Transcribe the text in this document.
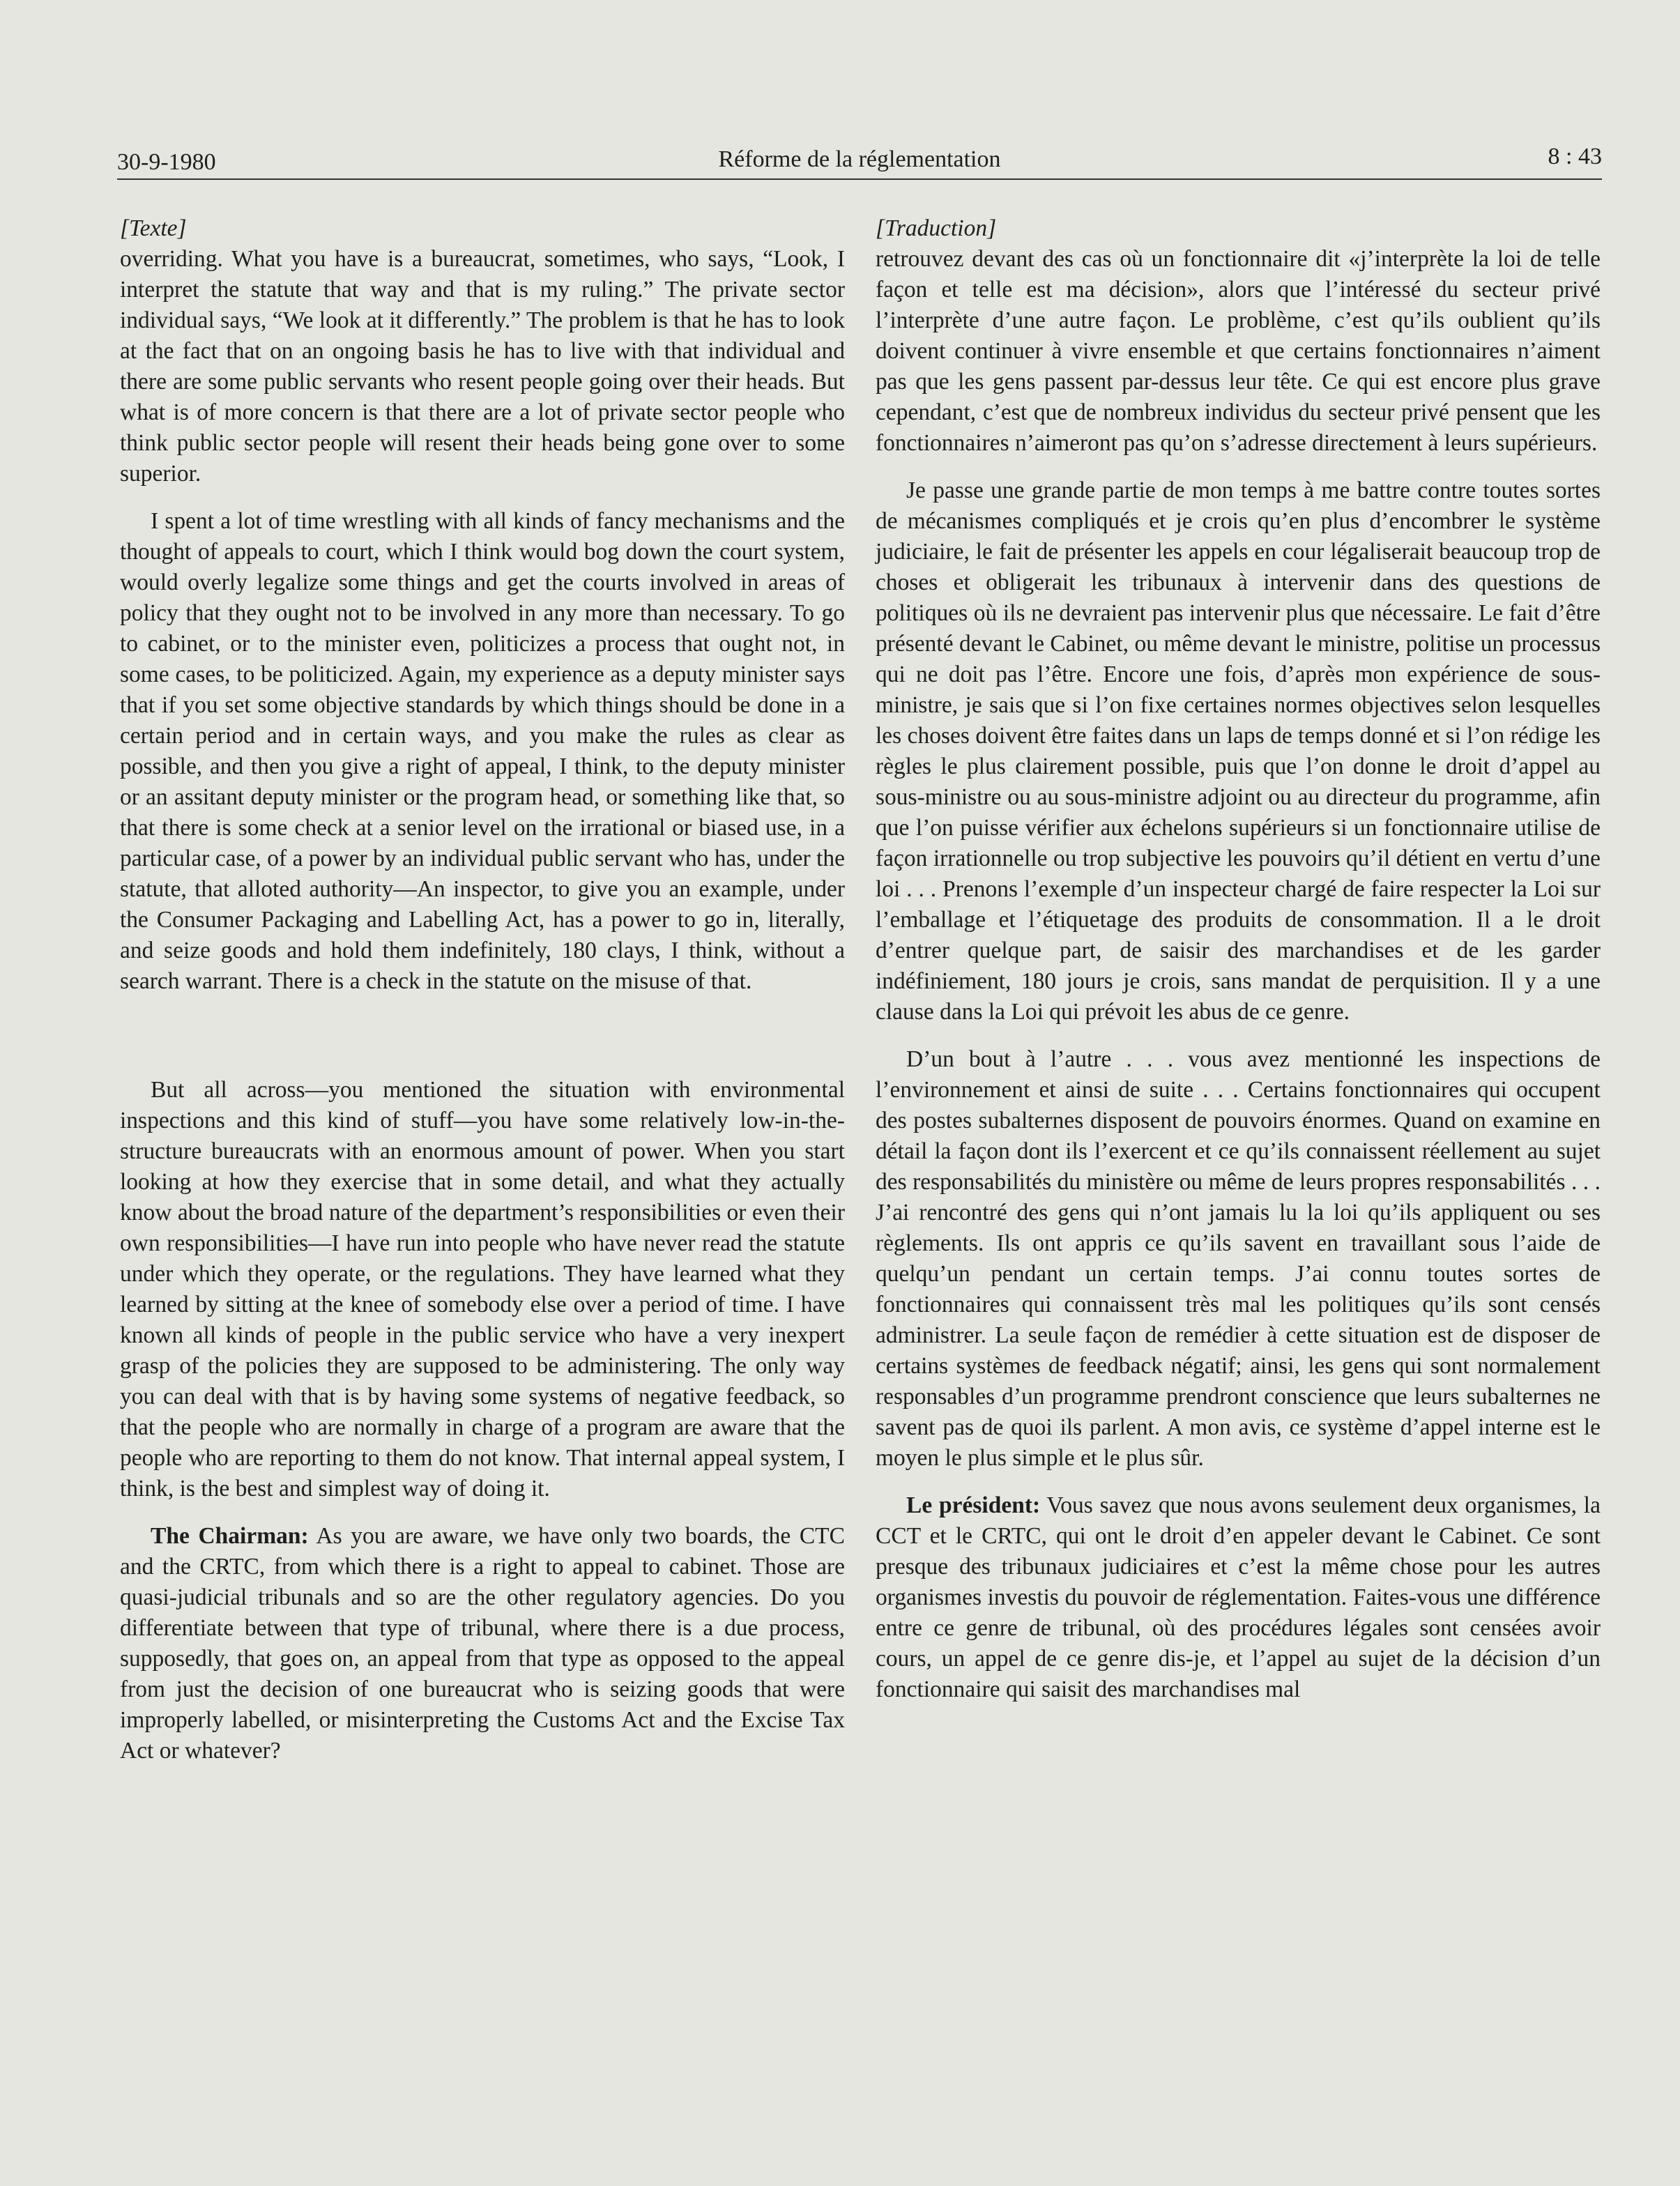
30-9-1980	Réforme de la réglementation	8 : 43

[Texte]

overriding. What you have is a bureaucrat, sometimes, who says, “Look, I interpret the statute that way and that is my ruling.” The private sector individual says, “We look at it differently.” The problem is that he has to look at the fact that on an ongoing basis he has to live with that individual and there are some public servants who resent people going over their heads. But what is of more concern is that there are a lot of private sector people who think public sector people will resent their heads being gone over to some superior.

I spent a lot of time wrestling with all kinds of fancy mechanisms and the thought of appeals to court, which I think would bog down the court system, would overly legalize some things and get the courts involved in areas of policy that they ought not to be involved in any more than necessary. To go to cabinet, or to the minister even, politicizes a process that ought not, in some cases, to be politicized. Again, my experience as a deputy minister says that if you set some objective standards by which things should be done in a certain period and in certain ways, and you make the rules as clear as possible, and then you give a right of appeal, I think, to the deputy minister or an assitant deputy minister or the program head, or something like that, so that there is some check at a senior level on the irrational or biased use, in a particular case, of a power by an individual public servant who has, under the statute, that alloted authority—An inspector, to give you an example, under the Consumer Packaging and Labelling Act, has a power to go in, literally, and seize goods and hold them indefinitely, 180 clays, I think, without a search warrant. There is a check in the statute on the misuse of that.

But all across—you mentioned the situation with environmental inspections and this kind of stuff—you have some relatively low-in-the-structure bureaucrats with an enormous amount of power. When you start looking at how they exercise that in some detail, and what they actually know about the broad nature of the department’s responsibilities or even their own responsibilities—I have run into people who have never read the statute under which they operate, or the regulations. They have learned what they learned by sitting at the knee of somebody else over a period of time. I have known all kinds of people in the public service who have a very inexpert grasp of the policies they are supposed to be administering. The only way you can deal with that is by having some systems of negative feedback, so that the people who are normally in charge of a program are aware that the people who are reporting to them do not know. That internal appeal system, I think, is the best and simplest way of doing it.

The Chairman: As you are aware, we have only two boards, the CTC and the CRTC, from which there is a right to appeal to cabinet. Those are quasi-judicial tribunals and so are the other regulatory agencies. Do you differentiate between that type of tribunal, where there is a due process, supposedly, that goes on, an appeal from that type as opposed to the appeal from just the decision of one bureaucrat who is seizing goods that were improperly labelled, or misinterpreting the Customs Act and the Excise Tax Act or whatever?

[Traduction]

retrouvez devant des cas où un fonctionnaire dit «j’interprète la loi de telle façon et telle est ma décision», alors que l’intéressé du secteur privé l’interprète d’une autre façon. Le problème, c’est qu’ils oublient qu’ils doivent continuer à vivre ensemble et que certains fonctionnaires n’aiment pas que les gens passent par-dessus leur tête. Ce qui est encore plus grave cependant, c’est que de nombreux individus du secteur privé pensent que les fonctionnaires n’aimeront pas qu’on s’adresse directement à leurs supérieurs.

Je passe une grande partie de mon temps à me battre contre toutes sortes de mécanismes compliqués et je crois qu’en plus d’encombrer le système judiciaire, le fait de présenter les appels en cour légaliserait beaucoup trop de choses et obligerait les tribunaux à intervenir dans des questions de politiques où ils ne devraient pas intervenir plus que nécessaire. Le fait d’être présenté devant le Cabinet, ou même devant le ministre, politise un processus qui ne doit pas l’être. Encore une fois, d’après mon expérience de sous-ministre, je sais que si l’on fixe certaines normes objectives selon lesquelles les choses doivent être faites dans un laps de temps donné et si l’on rédige les règles le plus clairement possible, puis que l’on donne le droit d’appel au sous-ministre ou au sous-ministre adjoint ou au directeur du programme, afin que l’on puisse vérifier aux échelons supérieurs si un fonctionnaire utilise de façon irrationnelle ou trop subjective les pouvoirs qu’il détient en vertu d’une loi . . . Prenons l’exemple d’un inspecteur chargé de faire respecter la Loi sur l’emballage et l’étiquetage des produits de consommation. Il a le droit d’entrer quelque part, de saisir des marchandises et de les garder indéfiniement, 180 jours je crois, sans mandat de perquisition. Il y a une clause dans la Loi qui prévoit les abus de ce genre.

D’un bout à l’autre . . . vous avez mentionné les inspections de l’environnement et ainsi de suite . . . Certains fonctionnaires qui occupent des postes subalternes disposent de pouvoirs énormes. Quand on examine en détail la façon dont ils l’exercent et ce qu’ils connaissent réellement au sujet des responsabilités du ministère ou même de leurs propres responsabilités . . . J’ai rencontré des gens qui n’ont jamais lu la loi qu’ils appliquent ou ses règlements. Ils ont appris ce qu’ils savent en travaillant sous l’aide de quelqu’un pendant un certain temps. J’ai connu toutes sortes de fonctionnaires qui connaissent très mal les politiques qu’ils sont censés administrer. La seule façon de remédier à cette situation est de disposer de certains systèmes de feedback négatif; ainsi, les gens qui sont normalement responsables d’un programme prendront conscience que leurs subalternes ne savent pas de quoi ils parlent. A mon avis, ce système d’appel interne est le moyen le plus simple et le plus sûr.

Le président: Vous savez que nous avons seulement deux organismes, la CCT et le CRTC, qui ont le droit d’en appeler devant le Cabinet. Ce sont presque des tribunaux judiciaires et c’est la même chose pour les autres organismes investis du pouvoir de réglementation. Faites-vous une différence entre ce genre de tribunal, où des procédures légales sont censées avoir cours, un appel de ce genre dis-je, et l’appel au sujet de la décision d’un fonctionnaire qui saisit des marchandises mal
